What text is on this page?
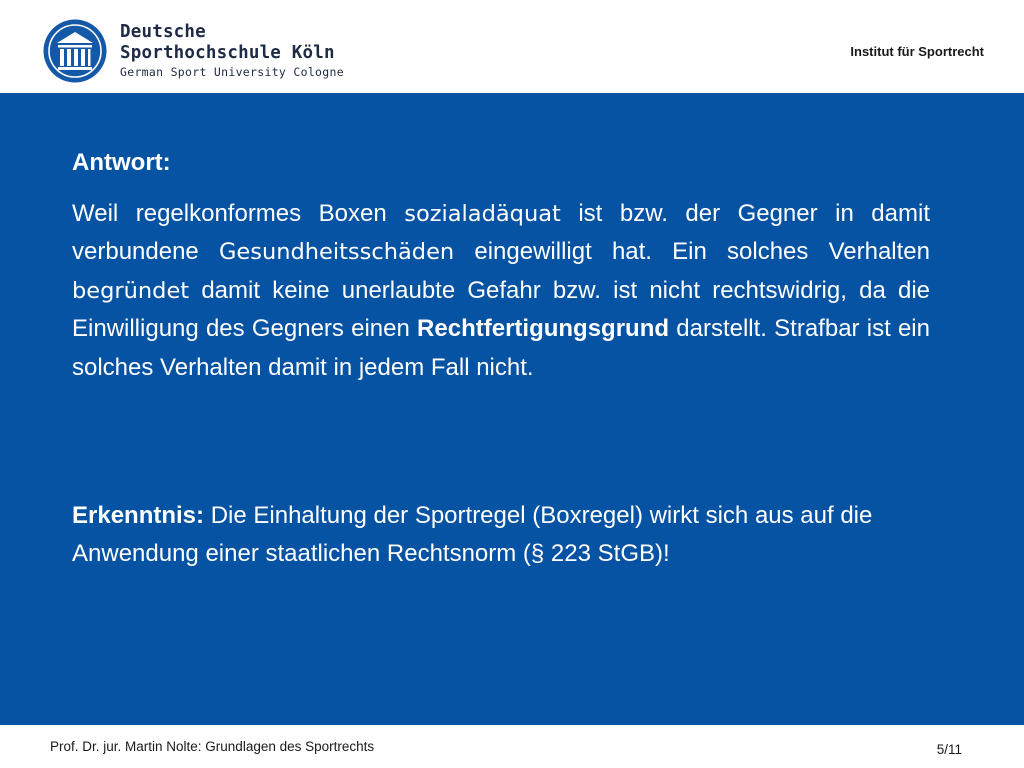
Deutsche
Sporthochschule Köln
German Sport University Cologne
Institut für Sportrecht
Antwort:

Weil regelkonformes Boxen sozialadäquat ist bzw. der Gegner in damit verbundene Gesundheitsschäden eingewilligt hat. Ein solches Verhalten begründet damit keine unerlaubte Gefahr bzw. ist nicht rechtswidrig, da die Einwilligung des Gegners einen Rechtfertigungsgrund darstellt. Strafbar ist ein solches Verhalten damit in jedem Fall nicht.

Erkenntnis: Die Einhaltung der Sportregel (Boxregel) wirkt sich aus auf die Anwendung einer staatlichen Rechtsnorm (§ 223 StGB)!

Prof. Dr. jur. Martin Nolte: Grundlagen des Sportrechts	5/11
